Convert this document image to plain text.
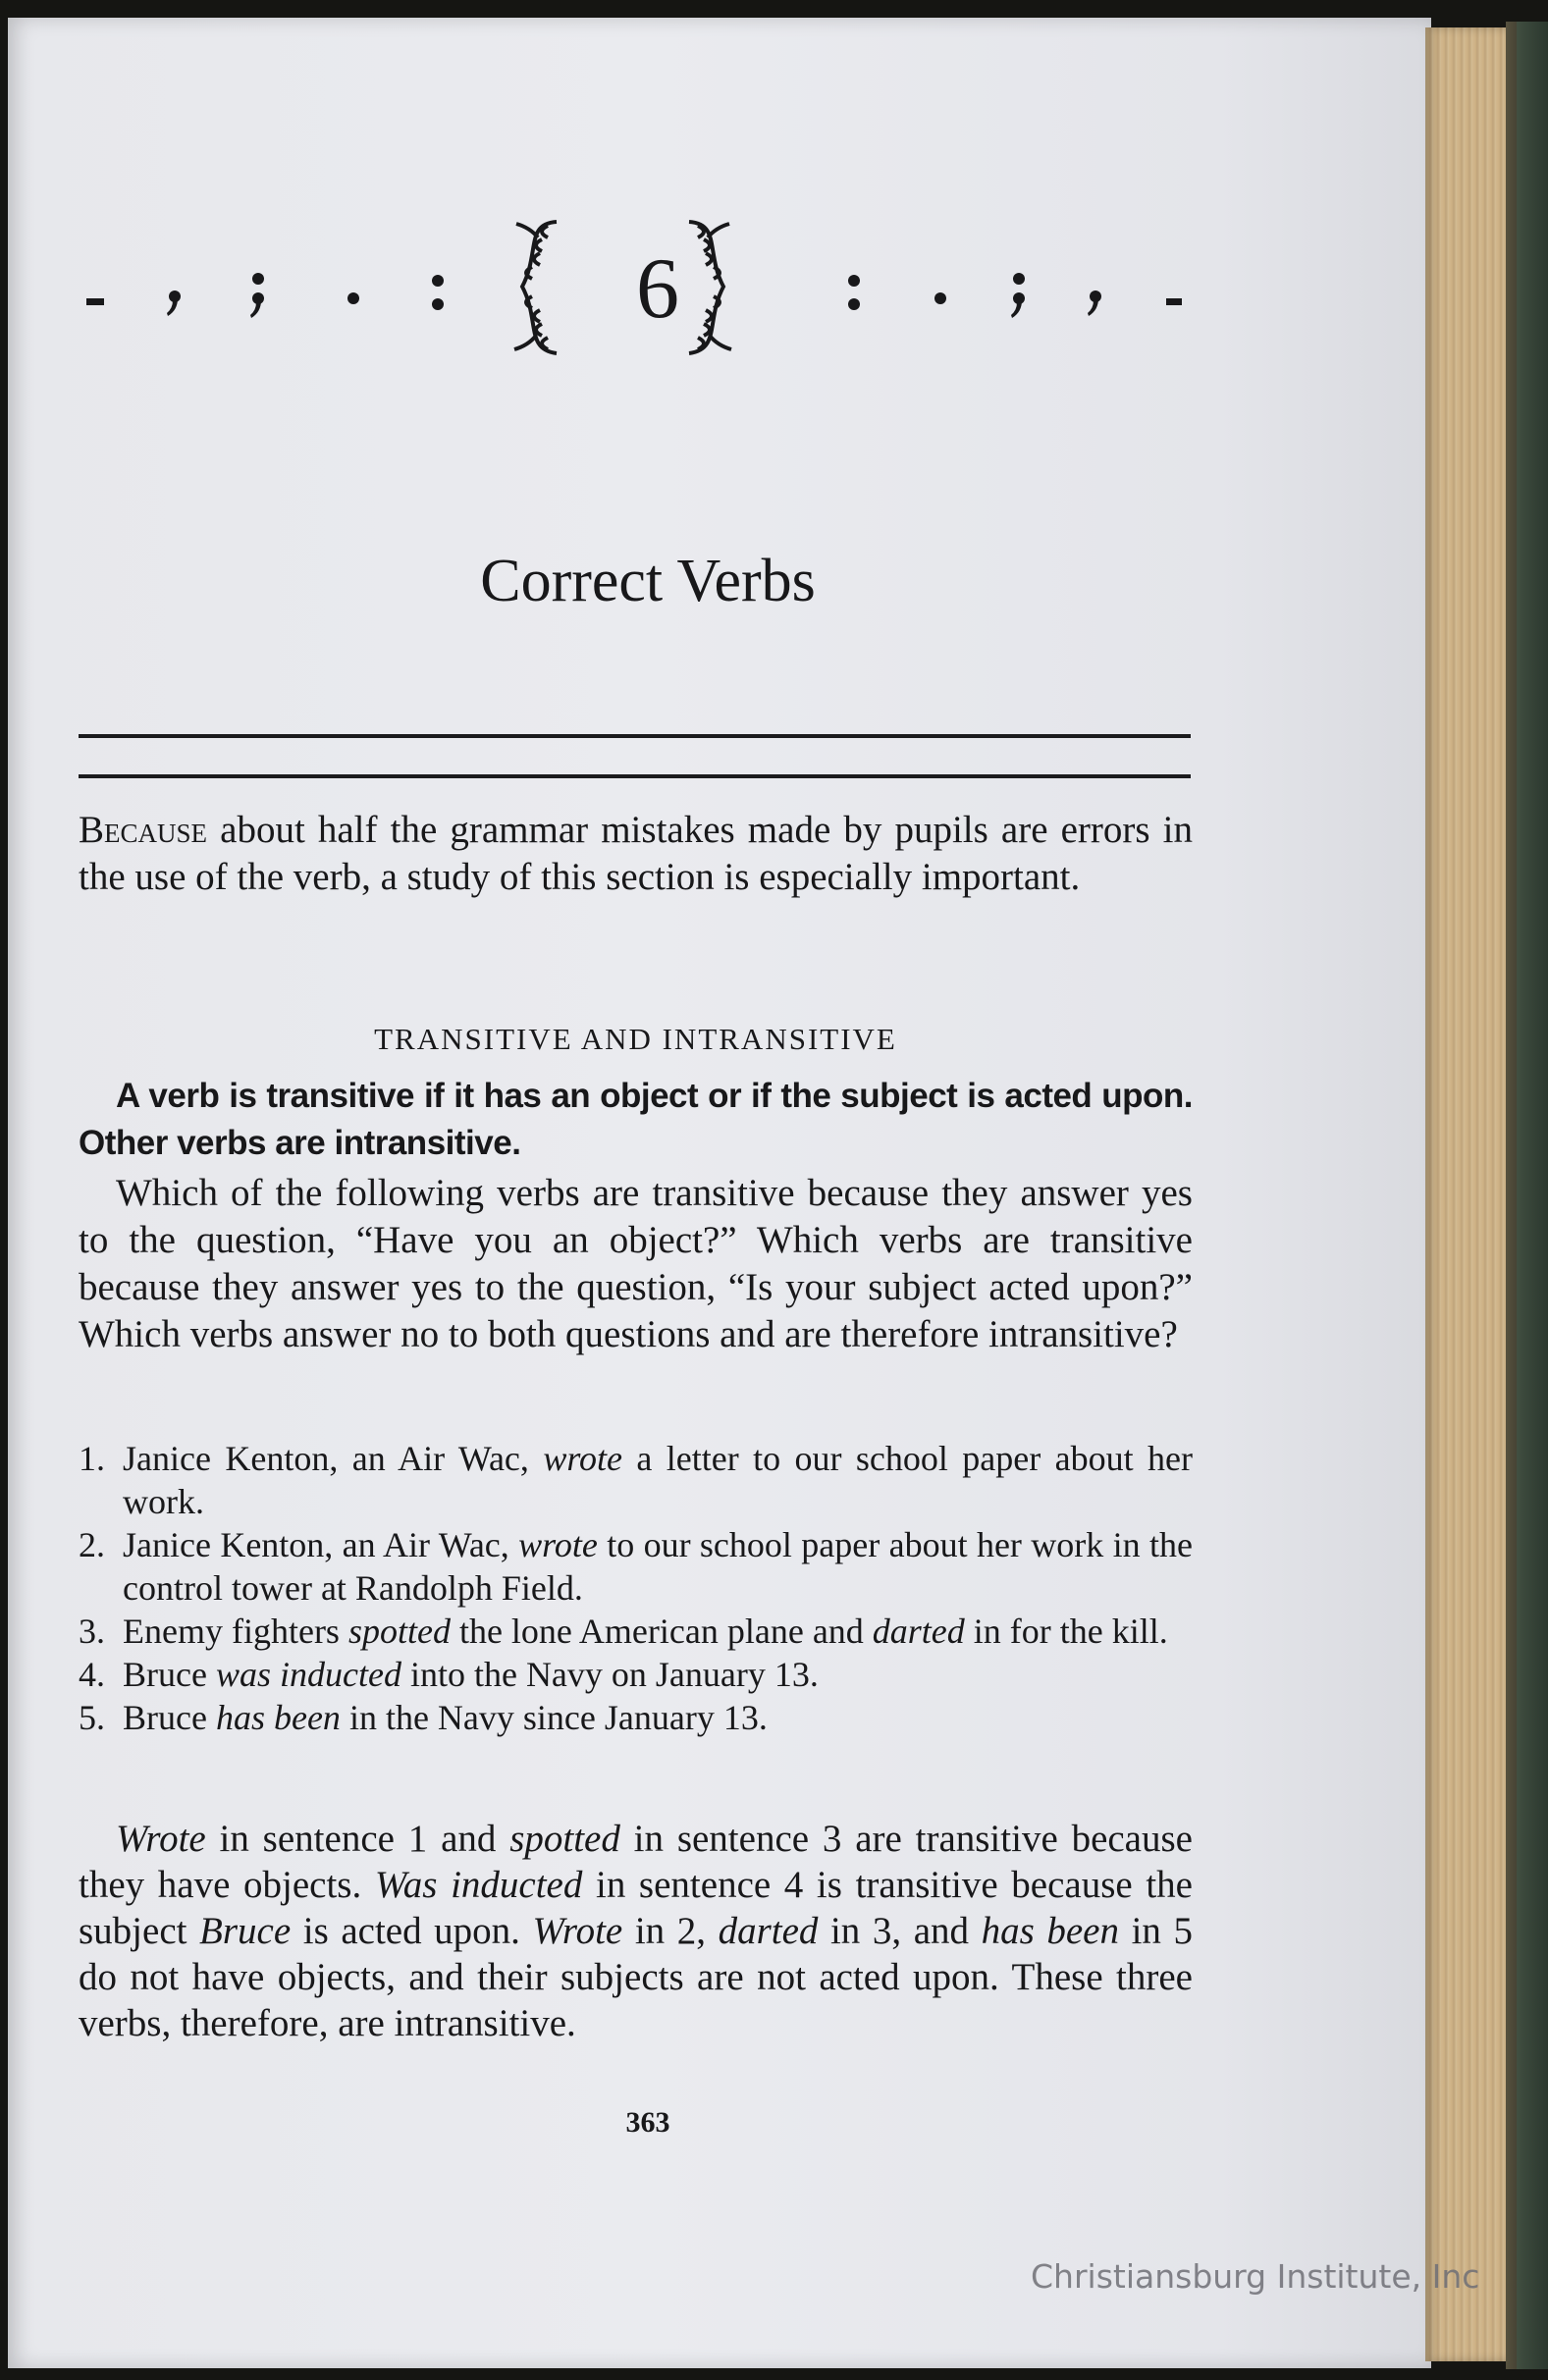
6
Correct Verbs

Because about half the grammar mistakes made by pupils are errors in the use of the verb, a study of this section is especially important.

TRANSITIVE AND INTRANSITIVE

A verb is transitive if it has an object or if the subject is acted upon. Other verbs are intransitive.

Which of the following verbs are transitive because they answer yes to the question, “Have you an object?” Which verbs are transitive because they answer yes to the question, “Is your subject acted upon?” Which verbs answer no to both questions and are therefore intransitive?

1. Janice Kenton, an Air Wac, wrote a letter to our school paper about her work.
2. Janice Kenton, an Air Wac, wrote to our school paper about her work in the control tower at Randolph Field.
3. Enemy fighters spotted the lone American plane and darted in for the kill.
4. Bruce was inducted into the Navy on January 13.
5. Bruce has been in the Navy since January 13.

Wrote in sentence 1 and spotted in sentence 3 are transitive because they have objects. Was inducted in sentence 4 is transitive because the subject Bruce is acted upon. Wrote in 2, darted in 3, and has been in 5 do not have objects, and their subjects are not acted upon. These three verbs, therefore, are intransitive.

363
Christiansburg Institute, Inc
